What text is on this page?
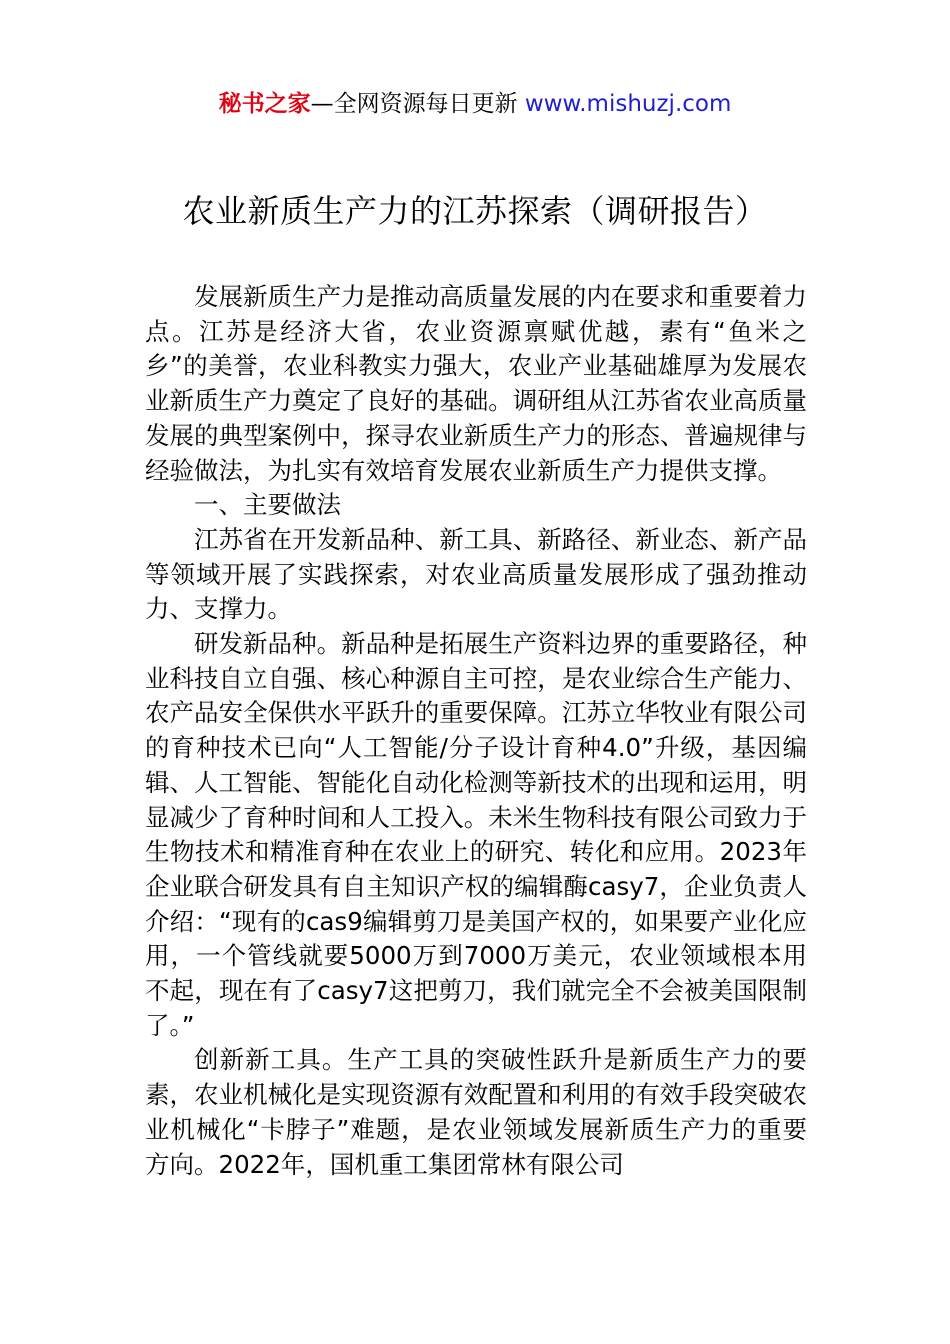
秘书之家—全网资源每日更新 www.mishuzj.com
农业新质生产力的江苏探索（调研报告）

发展新质生产力是推动高质量发展的内在要求和重要着力点。江苏是经济大省，农业资源禀赋优越，素有“鱼米之乡”的美誉，农业科教实力强大，农业产业基础雄厚为发展农业新质生产力奠定了良好的基础。调研组从江苏省农业高质量发展的典型案例中，探寻农业新质生产力的形态、普遍规律与经验做法，为扎实有效培育发展农业新质生产力提供支撑。

一、主要做法

江苏省在开发新品种、新工具、新路径、新业态、新产品等领域开展了实践探索，对农业高质量发展形成了强劲推动力、支撑力。

研发新品种。新品种是拓展生产资料边界的重要路径，种业科技自立自强、核心种源自主可控，是农业综合生产能力、农产品安全保供水平跃升的重要保障。江苏立华牧业有限公司的育种技术已向“人工智能/分子设计育种4.0”升级，基因编辑、人工智能、智能化自动化检测等新技术的出现和运用，明显减少了育种时间和人工投入。未米生物科技有限公司致力于生物技术和精准育种在农业上的研究、转化和应用。2023年企业联合研发具有自主知识产权的编辑酶casy7，企业负责人介绍：“现有的cas9编辑剪刀是美国产权的，如果要产业化应用，一个管线就要5000万到7000万美元，农业领域根本用不起，现在有了casy7这把剪刀，我们就完全不会被美国限制了。”

创新新工具。生产工具的突破性跃升是新质生产力的要素，农业机械化是实现资源有效配置和利用的有效手段突破农业机械化“卡脖子”难题，是农业领域发展新质生产力的重要方向。2022年，国机重工集团常林有限公司
